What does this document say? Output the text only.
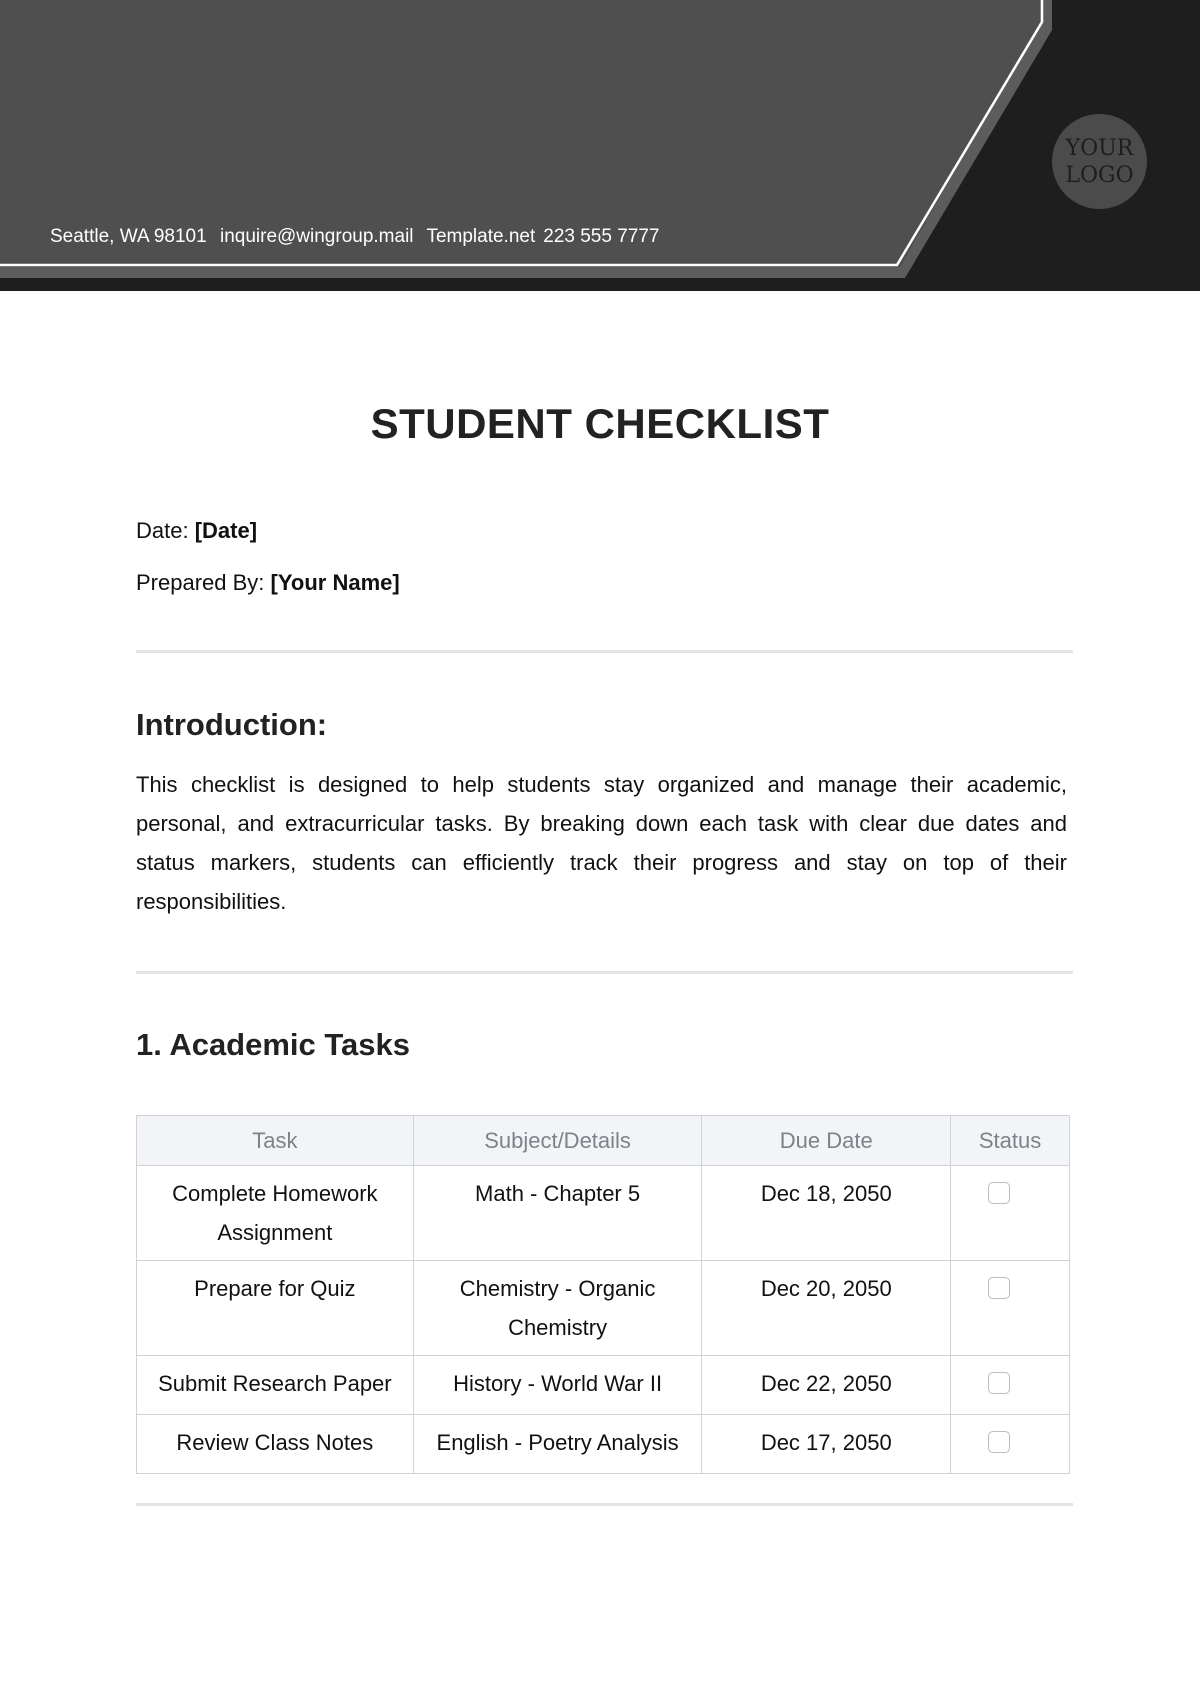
Seattle, WA 98101 inquire@wingroup.mail Template.net 223 555 7777
YOUR LOGO
STUDENT CHECKLIST
Date: [Date]
Prepared By: [Your Name]
Introduction:

This checklist is designed to help students stay organized and manage their academic, personal, and extracurricular tasks. By breaking down each task with clear due dates and status markers, students can efficiently track their progress and stay on top of their responsibilities.

1. Academic Tasks
Task	Subject/Details	Due Date	Status
Complete Homework Assignment	Math - Chapter 5	Dec 18, 2050	
Prepare for Quiz	Chemistry - Organic Chemistry	Dec 20, 2050	
Submit Research Paper	History - World War II	Dec 22, 2050	
Review Class Notes	English - Poetry Analysis	Dec 17, 2050	
